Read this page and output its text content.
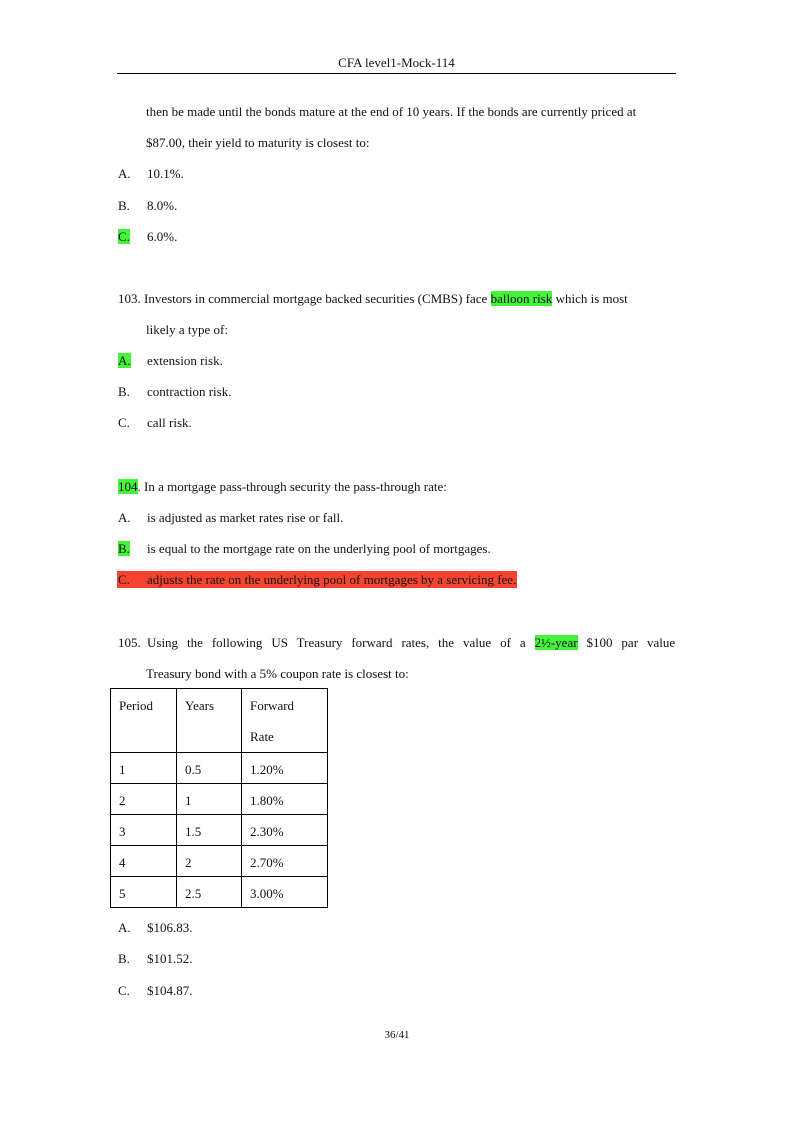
CFA level1-Mock-114
then be made until the bonds mature at the end of 10 years. If the bonds are currently priced at
$87.00, their yield to maturity is closest to:
A. 10.1%.
B.	8.0%.
C.	6.0%.
103. Investors in commercial mortgage backed securities (CMBS) face balloon risk which is most
likely a type of:
A. extension risk.
B.	contraction risk.
C.	call risk.
104. In a mortgage pass-through security the pass-through rate:
A. is adjusted as market rates rise or fall.
B.	is equal to the mortgage rate on the underlying pool of mortgages.
C. adjusts the rate on the underlying pool of mortgages by a servicing fee.
105. Using the following US Treasury forward rates, the value of a 2½-year $100 par value
Treasury bond with a 5% coupon rate is closest to:
Period	Years	Forward
Rate

1	0.5	1.20%
2	1	1.80%
3	1.5	2.30%
4	2	2.70%
5	2.5	3.00%
A. $106.83.
B.	$101.52.
C.	$104.87.
36/41
